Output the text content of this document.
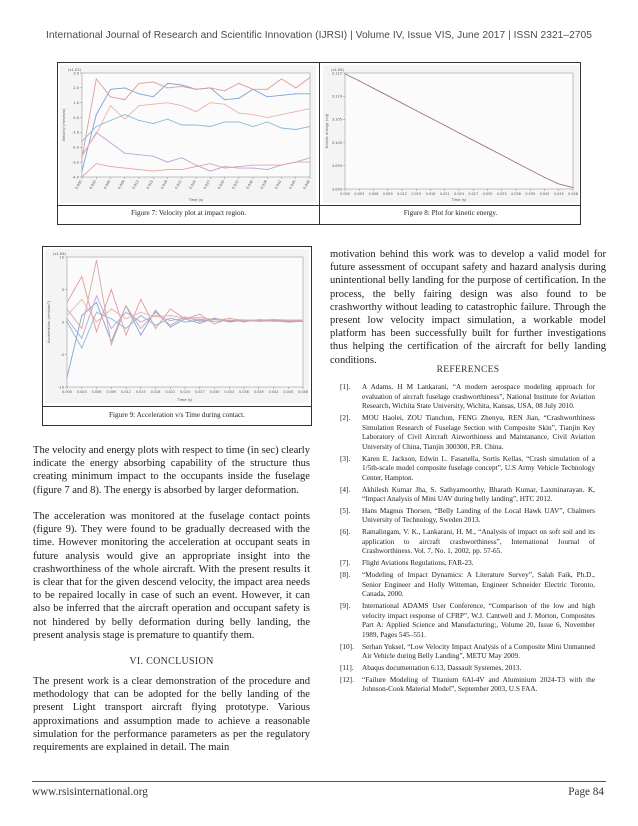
International Journal of Research and Scientific Innovation (IJRSI) | Volume IV, Issue VIS, June 2017 | ISSN 2321–2705
(x1.E3)
3.0
2.0
1.0
0.0
-1.0
-2.0
-3.0
-4.0
0.000 0.003 0.006 0.009 0.012 0.015 0.018 0.021 0.024 0.027 0.030 0.033 0.036 0.039 0.042 0.045 0.048
Time (s)
Velocity (mm/sec)
(x1.E6)
3.115
3.110
3.105
3.100
3.095
3.090
0.000 0.003 0.006 0.009 0.012 0.015 0.018 0.021 0.024 0.027 0.030 0.033 0.036 0.039 0.042 0.045 0.048
Time (s)
Kinetic energy (mJ)
Figure 7: Velocity plot at impact region.	Figure 8: Plot for kinetic energy.
(x1.E6)
10
5
0
-5
-10
0.000 0.003 0.006 0.009 0.012 0.015 0.018 0.021 0.024 0.027 0.030 0.033 0.036 0.039 0.042 0.045 0.048
Time (s)
Acceleration (mm/sec²)
Figure 9: Acceleration v/s Time during contact.
The velocity and energy plots with respect to time (in sec) clearly indicate the energy absorbing capability of the structure thus creating minimum impact to the occupants inside the fuselage (figure 7 and 8). The energy is absorbed by larger deformation.
The acceleration was monitored at the fuselage contact points (figure 9). They were found to be gradually decreased with the time. However monitoring the acceleration at occupant seats in future analysis would give an appropriate insight into the crashworthiness of the whole aircraft. With the present results it is clear that for the given descend velocity, the impact area needs to be repaired locally in case of such an event. However, it can also be inferred that the aircraft operation and occupant safety is not hindered by belly deformation during belly landing, the present analysis stage is premature to quantify them.
VI. CONCLUSION
The present work is a clear demonstration of the procedure and methodology that can be adopted for the belly landing of the present Light transport aircraft flying prototype. Various approximations and assumption made to achieve a reasonable simulation for the performance parameters as per the regulatory requirements are explained in detail. The main
motivation behind this work was to develop a valid model for future assessment of occupant safety and hazard analysis during unintentional belly landing for the purpose of certification. In the process, the belly fairing design was also found to be crashworthy without leading to catastrophic failure. Through the present low velocity impact simulation, a workable model platform has been successfully built for further investigations thus helping the certification of the aircraft for belly landing conditions.
REFERENCES
[1].	A Adams, H M Lankarani, “A modern aerospace modeling approach for evaluation of aircraft fuselage crashworthiness”, National Institute for Aviation Research, Wichita State University, Wichita, Kansas, USA, 08 July 2010.
[2].	MOU Haolei, ZOU Tianchun, FENG Zhenyu, REN Jian, “Crashworthiness Simulation Research of Fuselage Section with Composite Skin”, Tianjin Key Laboratory of Civil Aircraft Airworthiness and Maintanance, Civil Aviation University of China, Tianjin 300300, P.R. China.
[3].	Karen E. Jackson, Edwin L. Fasanella, Sortis Kellas, “Crash simulation of a 1/5th-scale model composite fuselage concept”, U.S Army Vehicle Technology Center, Hampton.
[4].	Akhilesh Kumar Jha, S. Sathyamoorthy, Bharath Kumar, Laxminarayan. K, “Impact Analysis of Mini UAV during belly landing”, HTC 2012.
[5].	Hans Magnus Thorsen, “Belly Landing of the Local Hawk UAV”, Chalmers University of Technology, Sweden 2013.
[6].	Ramalingam, V. K., Lankarani, H. M., “Analysis of impact on soft soil and its application to aircraft crashworthiness”, International Journal of Crashworthiness. Vol. 7, No. 1, 2002, pp. 57-65.
[7].	Flight Aviations Regulations, FAR-23.
[8].	“Modeling of Impact Dynamics: A Literature Survey”, Salah Faik, Ph.D., Senior Engineer and Holly Witteman, Engineer Schneider Electric Toronto, Canada, 2000.
[9].	International ADAMS User Conference, “Comparison of the low and high velocity impact response of CFRP”, W.J. Cantwell and J. Morton, Composites Part A: Applied Science and Manufacturing;, Volume 20, Issue 6, November 1989, Pages 545–551.
[10].	Serhan Yuksel, “Low Velocity Impact Analysis of a Composite Mini Unmanned Air Vehicle during Belly Landing”, METU May 2009.
[11].	Abaqus documentation 6.13, Dassault Systemes, 2013.
[12].	“Failure Modeling of Titanium 6Al-4V and Aluminium 2024-T3 with the Johnson-Cook Material Model”, September 2003, U.S FAA.
www.rsisinternational.org	Page 84
